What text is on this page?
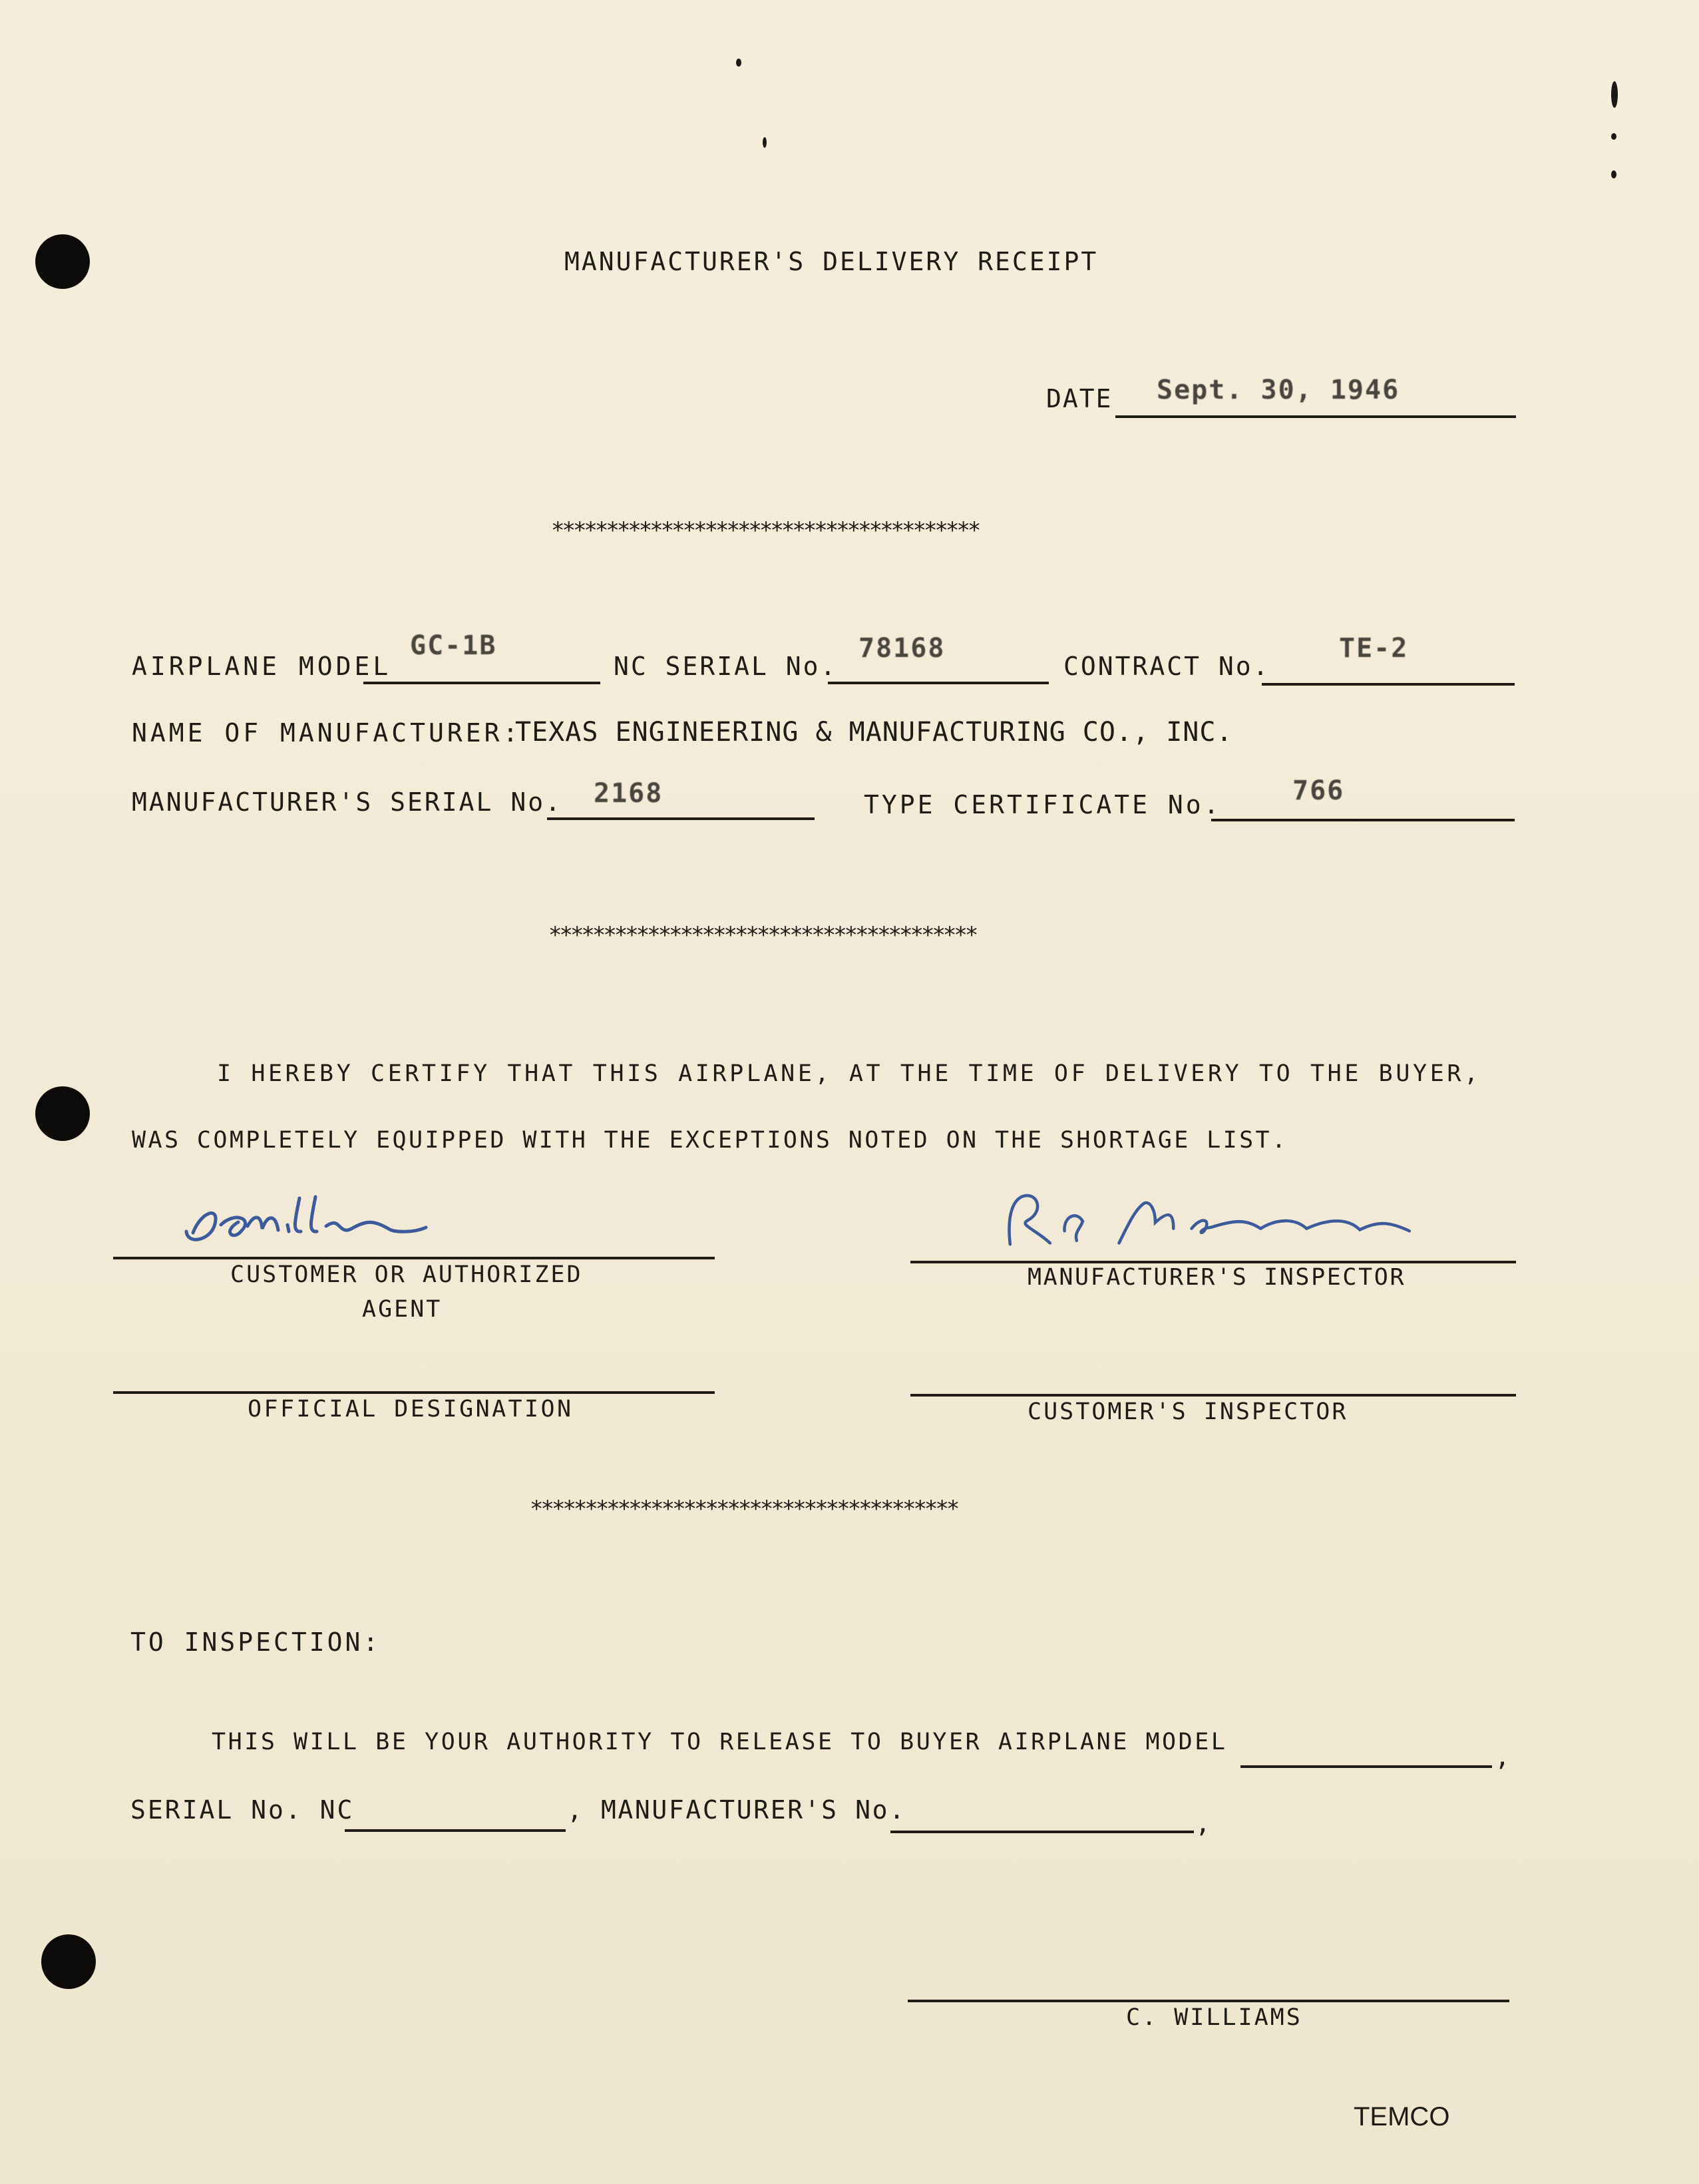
MANUFACTURER'S DELIVERY RECEIPT
DATE Sept. 30, 1946
***************************************
AIRPLANE MODEL
GC-1B
NC SERIAL No.
78168
CONTRACT No.
TE-2
NAME OF MANUFACTURER:
TEXAS ENGINEERING & MANUFACTURING CO., INC.
MANUFACTURER'S SERIAL No. 2168	TYPE CERTIFICATE No.	766
***************************************
I HEREBY CERTIFY THAT THIS AIRPLANE, AT THE TIME OF DELIVERY TO THE BUYER,
WAS COMPLETELY EQUIPPED WITH THE EXCEPTIONS NOTED ON THE SHORTAGE LIST.
CUSTOMER OR AUTHORIZED
AGENT
MANUFACTURER'S INSPECTOR
OFFICIAL DESIGNATION	CUSTOMER'S INSPECTOR
***************************************
TO INSPECTION:
THIS WILL BE YOUR AUTHORITY TO RELEASE TO BUYER AIRPLANE MODEL	,
SERIAL No. NC	, MANUFACTURER'S No.	,
C. WILLIAMS
TEMCO
